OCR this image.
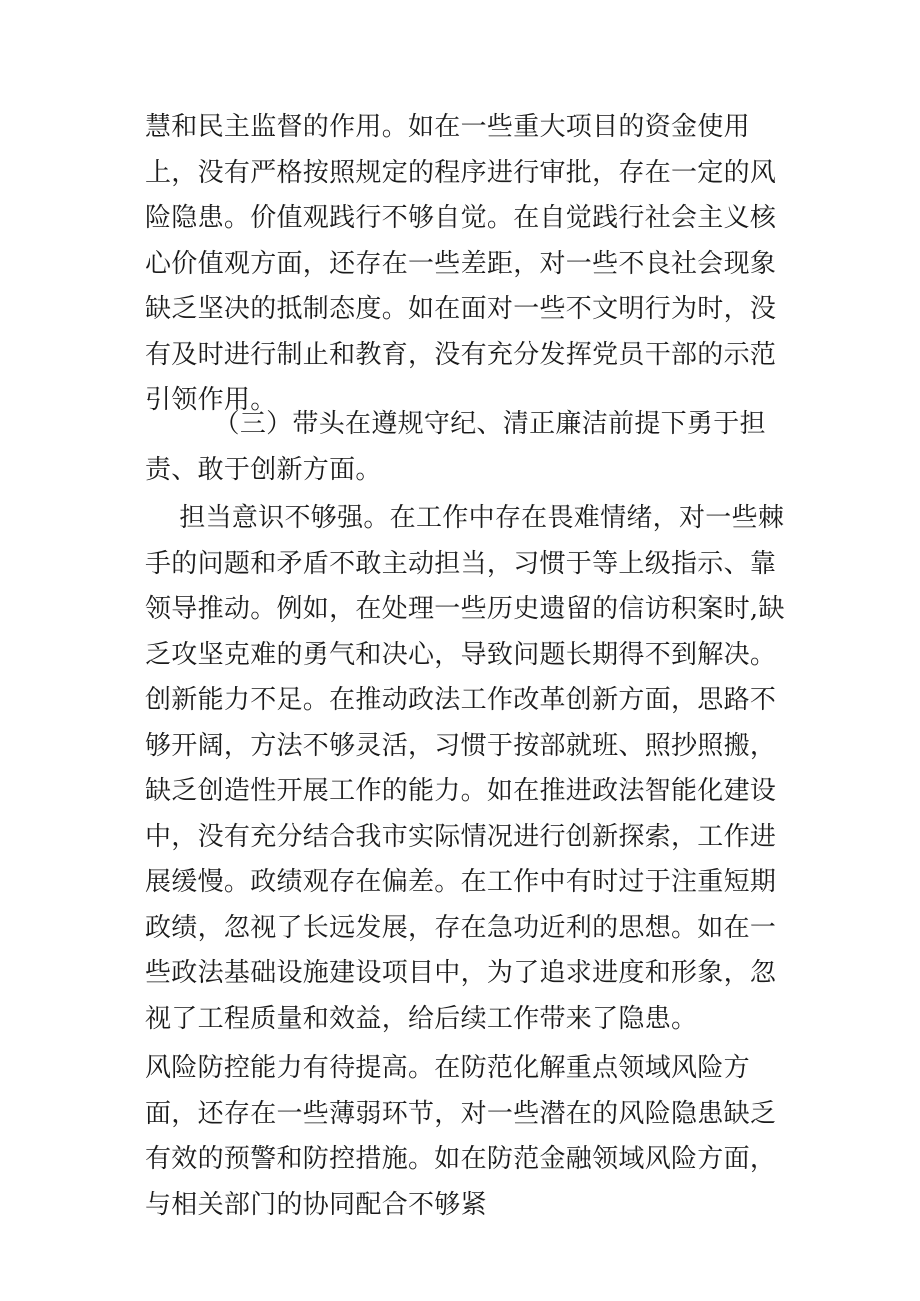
慧和民主监督的作用。如在一些重大项目的资金使用上，没有严格按照规定的程序进行审批，存在一定的风险隐患。价值观践行不够自觉。在自觉践行社会主义核心价值观方面，还存在一些差距，对一些不良社会现象缺乏坚决的抵制态度。如在面对一些不文明行为时，没有及时进行制止和教育，没有充分发挥党员干部的示范引领作用。

（三）带头在遵规守纪、清正廉洁前提下勇于担责、敢于创新方面。

担当意识不够强。在工作中存在畏难情绪，对一些棘手的问题和矛盾不敢主动担当，习惯于等上级指示、靠领导推动。例如，在处理一些历史遗留的信访积案时,缺乏攻坚克难的勇气和决心，导致问题长期得不到解决。创新能力不足。在推动政法工作改革创新方面，思路不够开阔，方法不够灵活，习惯于按部就班、照抄照搬，缺乏创造性开展工作的能力。如在推进政法智能化建设中，没有充分结合我市实际情况进行创新探索，工作进展缓慢。政绩观存在偏差。在工作中有时过于注重短期政绩，忽视了长远发展，存在急功近利的思想。如在一些政法基础设施建设项目中，为了追求进度和形象，忽视了工程质量和效益，给后续工作带来了隐患。

风险防控能力有待提高。在防范化解重点领域风险方面，还存在一些薄弱环节，对一些潜在的风险隐患缺乏有效的预警和防控措施。如在防范金融领域风险方面，与相关部门的协同配合不够紧
